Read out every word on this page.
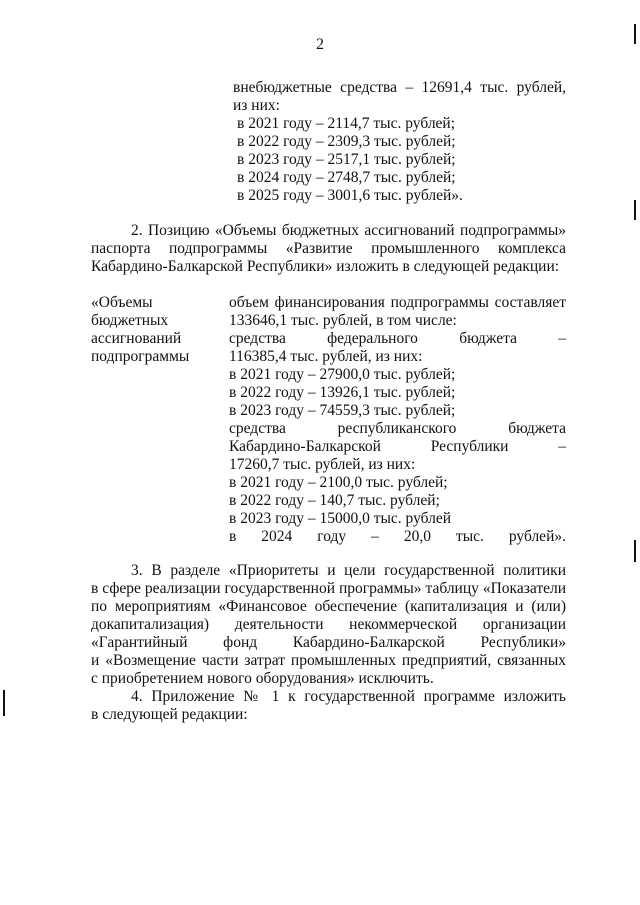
2
внебюджетные средства – 12691,4 тыс. рублей,
из них:
в 2021 году – 2114,7 тыс. рублей;
в 2022 году – 2309,3 тыс. рублей;
в 2023 году – 2517,1 тыс. рублей;
в 2024 году – 2748,7 тыс. рублей;
в 2025 году – 3001,6 тыс. рублей».
2. Позицию «Объемы бюджетных ассигнований подпрограммы»
паспорта подпрограммы «Развитие промышленного комплекса
Кабардино-Балкарской Республики» изложить в следующей редакции:
«Объемы
бюджетных
ассигнований
подпрограммы
объем финансирования подпрограммы составляет
133646,1 тыс. рублей, в том числе:
средства федерального бюджета –
116385,4 тыс. рублей, из них:
в 2021 году – 27900,0 тыс. рублей;
в 2022 году – 13926,1 тыс. рублей;
в 2023 году – 74559,3 тыс. рублей;
средства республиканского бюджета
Кабардино-Балкарской Республики –
17260,7 тыс. рублей, из них:
в 2021 году – 2100,0 тыс. рублей;
в 2022 году – 140,7 тыс. рублей;
в 2023 году – 15000,0 тыс. рублей
в 2024 году – 20,0 тыс. рублей».
3. В разделе «Приоритеты и цели государственной политики
в сфере реализации государственной программы» таблицу «Показатели
по мероприятиям «Финансовое обеспечение (капитализация и (или)
докапитализация) деятельности некоммерческой организации
«Гарантийный фонд Кабардино-Балкарской Республики»
и «Возмещение части затрат промышленных предприятий, связанных
с приобретением нового оборудования» исключить.
4. Приложение № 1 к государственной программе изложить
в следующей редакции:
